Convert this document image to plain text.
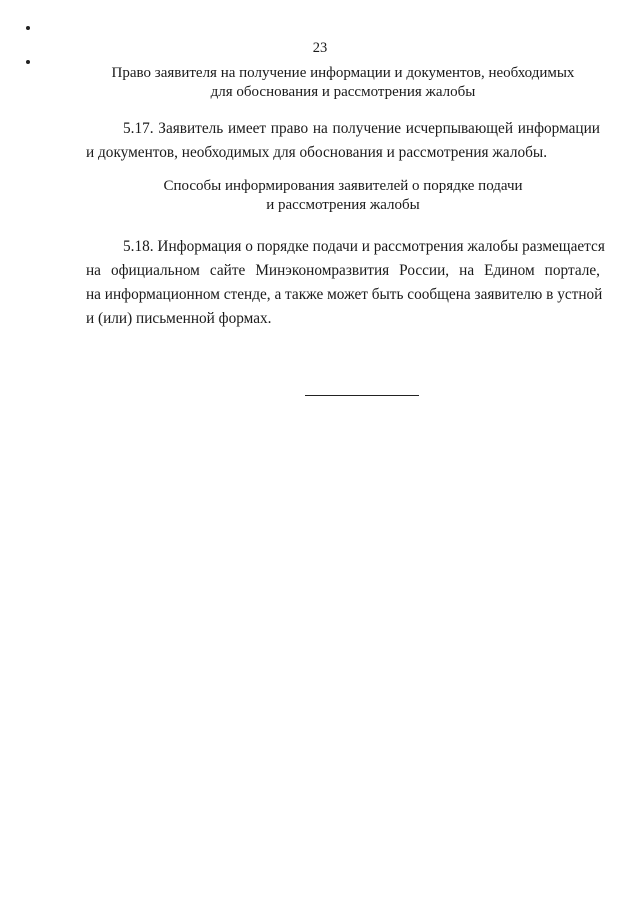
23
Право заявителя на получение информации и документов, необходимых
для обоснования и рассмотрения жалобы
5.17. Заявитель имеет право на получение исчерпывающей информации
и документов, необходимых для обоснования и рассмотрения жалобы.
Способы информирования заявителей о порядке подачи
и рассмотрения жалобы
5.18. Информация о порядке подачи и рассмотрения жалобы размещается
на официальном сайте Минэкономразвития России, на Едином портале,
на информационном стенде, а также может быть сообщена заявителю в устной
и (или) письменной формах.
